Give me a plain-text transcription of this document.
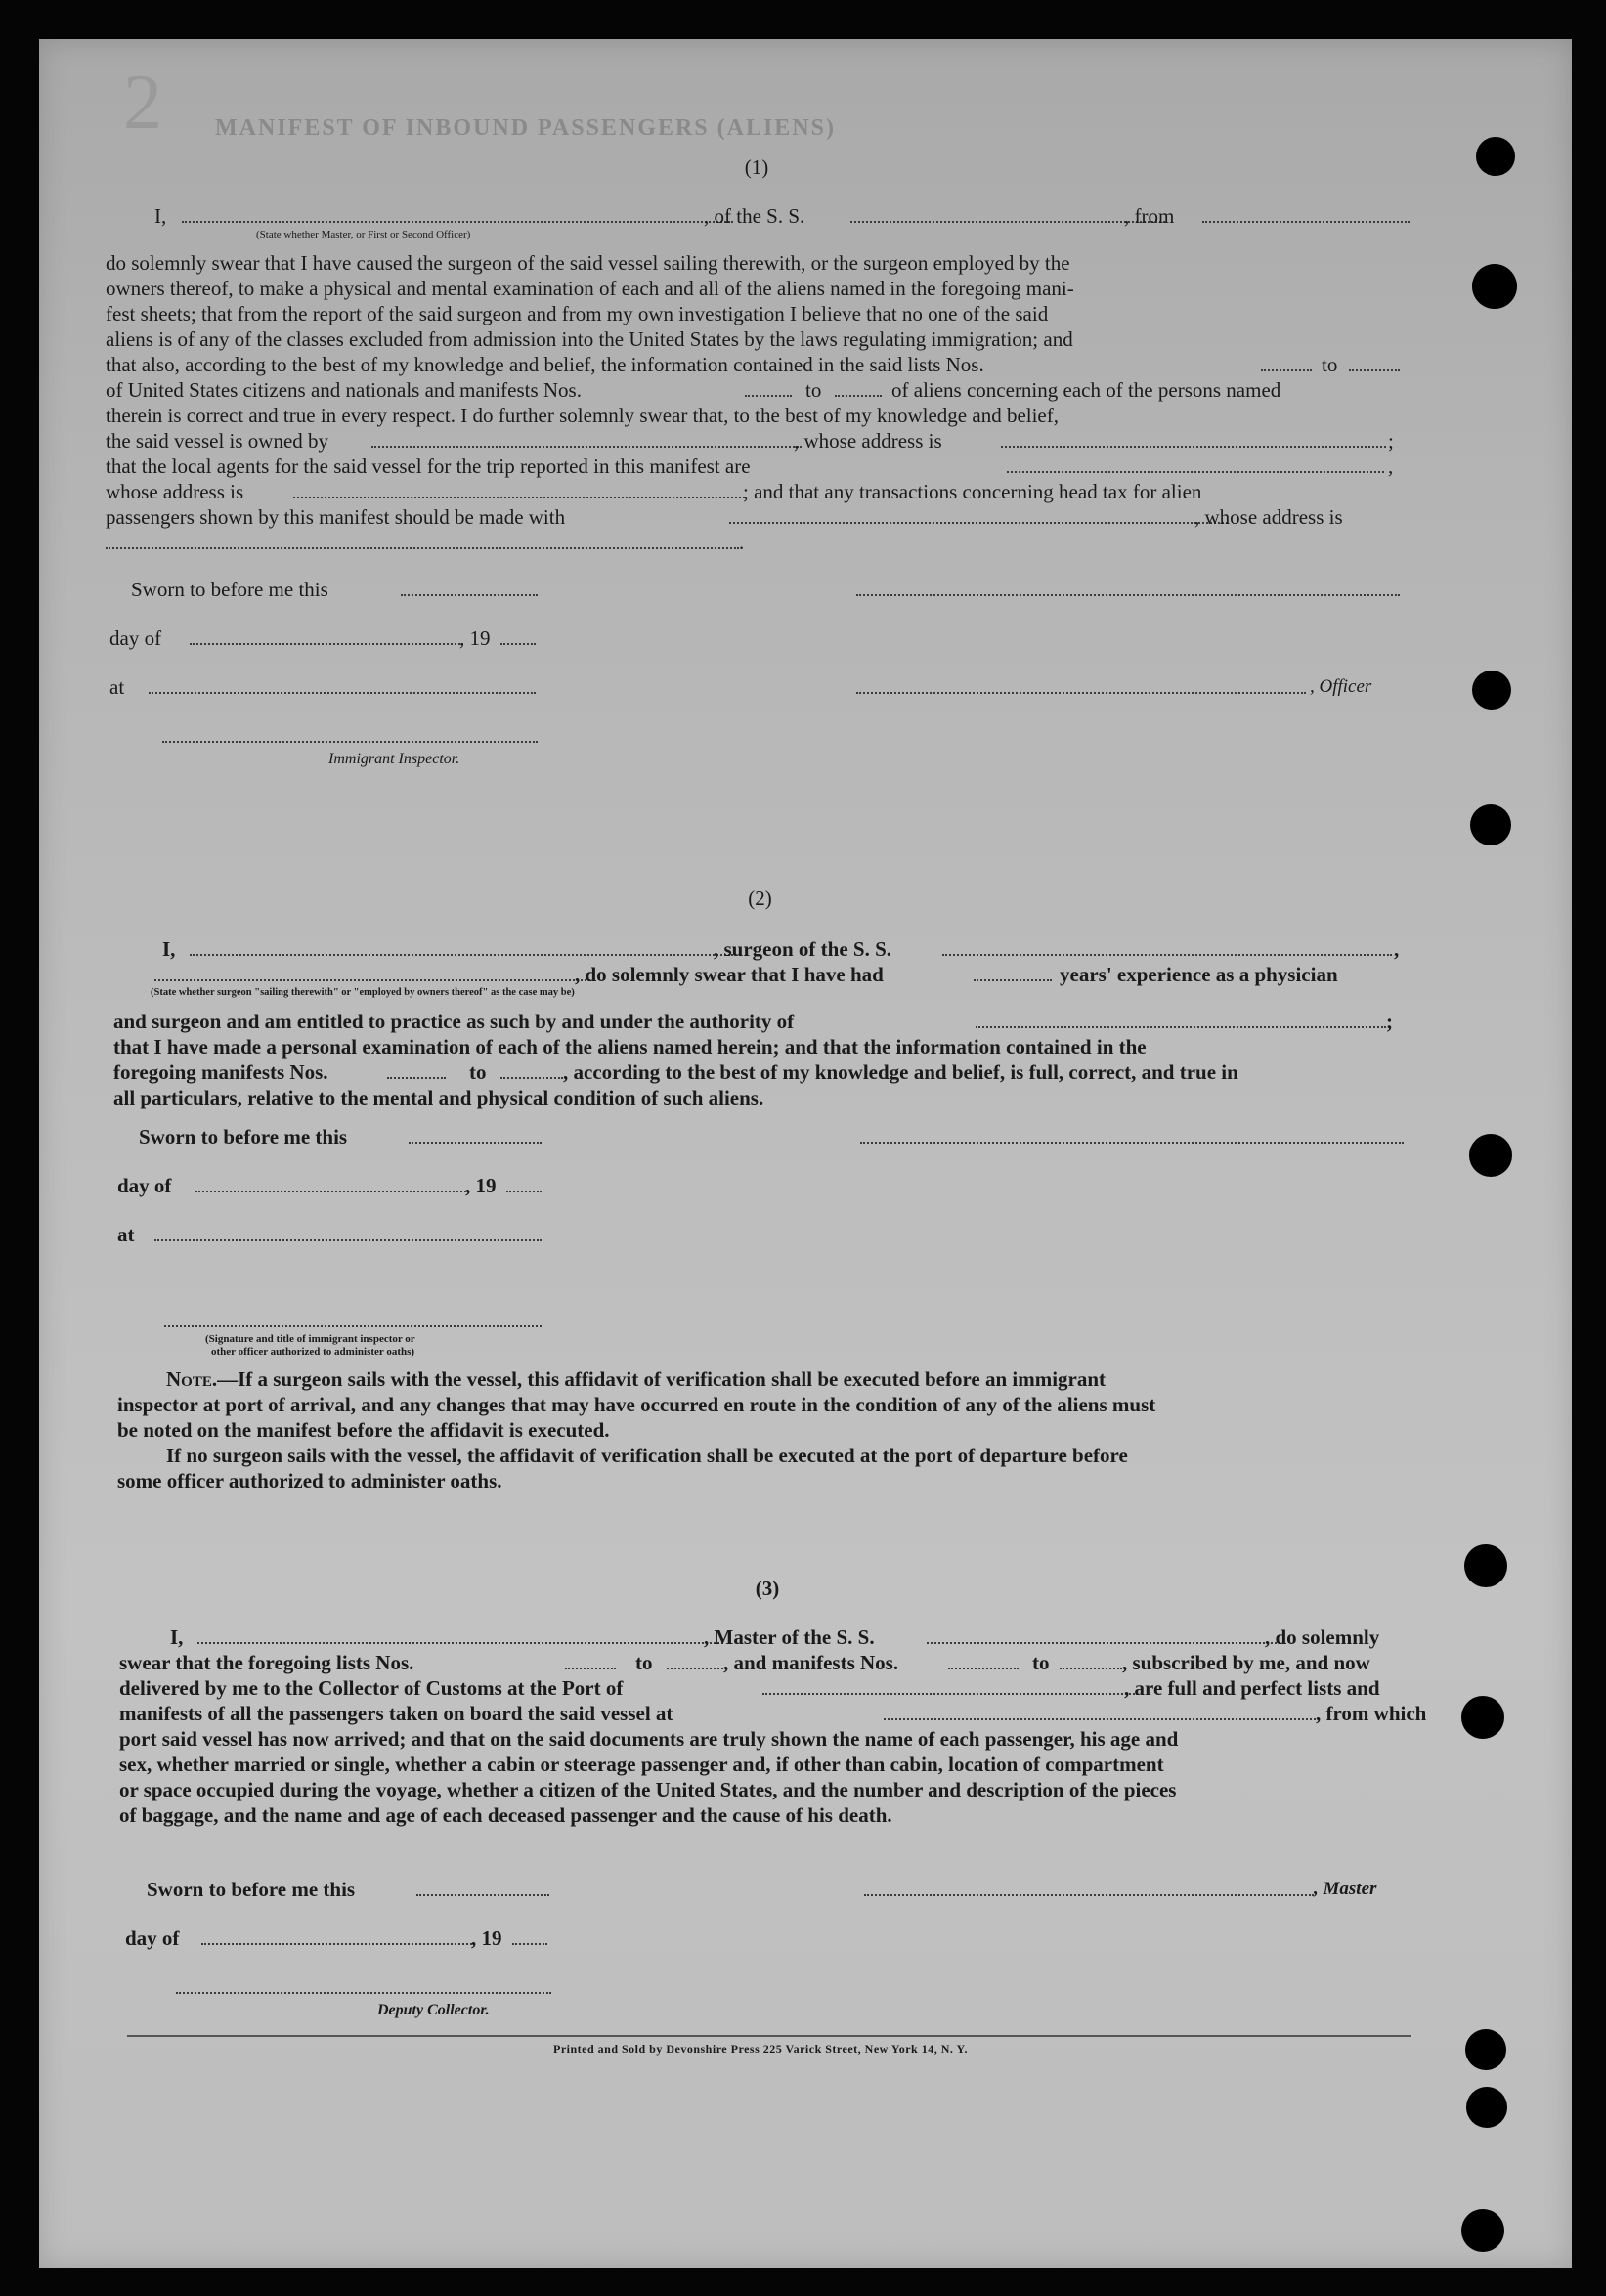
MANIFEST OF INBOUND PASSENGERS (ALIENS)
2
(1)
I,	, of the S. S.	, from
(State whether Master, or First or Second Officer)
do solemnly swear that I have caused the surgeon of the said vessel sailing therewith, or the surgeon employed by the
owners thereof, to make a physical and mental examination of each and all of the aliens named in the foregoing mani-
fest sheets; that from the report of the said surgeon and from my own investigation I believe that no one of the said
aliens is of any of the classes excluded from admission into the United States by the laws regulating immigration; and
that also, according to the best of my knowledge and belief, the information contained in the said lists Nos.	to
of United States citizens and nationals and manifests Nos.	to	of aliens concerning each of the persons named
therein is correct and true in every respect. I do further solemnly swear that, to the best of my knowledge and belief,
the said vessel is owned by	, whose address is	;
that the local agents for the said vessel for the trip reported in this manifest are	,
whose address is	; and that any transactions concerning head tax for alien
passengers shown by this manifest should be made with	, whose address is
.
Sworn to before me this
day of	, 19
at	, Officer
Immigrant Inspector.
(2)
I,	, surgeon of the S. S.	,
, do solemnly swear that I have had	years' experience as a physician
(State whether surgeon "sailing therewith" or "employed by owners thereof" as the case may be)
and surgeon and am entitled to practice as such by and under the authority of	;
that I have made a personal examination of each of the aliens named herein; and that the information contained in the
foregoing manifests Nos.	to	, according to the best of my knowledge and belief, is full, correct, and true in
all particulars, relative to the mental and physical condition of such aliens.
Sworn to before me this
day of	, 19
at
(Signature and title of immigrant inspector or
other officer authorized to administer oaths)
Note.—If a surgeon sails with the vessel, this affidavit of verification shall be executed before an immigrant
inspector at port of arrival, and any changes that may have occurred en route in the condition of any of the aliens must
be noted on the manifest before the affidavit is executed.
If no surgeon sails with the vessel, the affidavit of verification shall be executed at the port of departure before
some officer authorized to administer oaths.
(3)
I,	, Master of the S. S.	, do solemnly
swear that the foregoing lists Nos.	to	, and manifests Nos.	to	, subscribed by me, and now
delivered by me to the Collector of Customs at the Port of	, are full and perfect lists and
manifests of all the passengers taken on board the said vessel at	, from which
port said vessel has now arrived; and that on the said documents are truly shown the name of each passenger, his age and
sex, whether married or single, whether a cabin or steerage passenger and, if other than cabin, location of compartment
or space occupied during the voyage, whether a citizen of the United States, and the number and description of the pieces
of baggage, and the name and age of each deceased passenger and the cause of his death.
Sworn to before me this	, Master
day of	, 19
Deputy Collector.
Printed and Sold by Devonshire Press 225 Varick Street, New York 14, N. Y.
